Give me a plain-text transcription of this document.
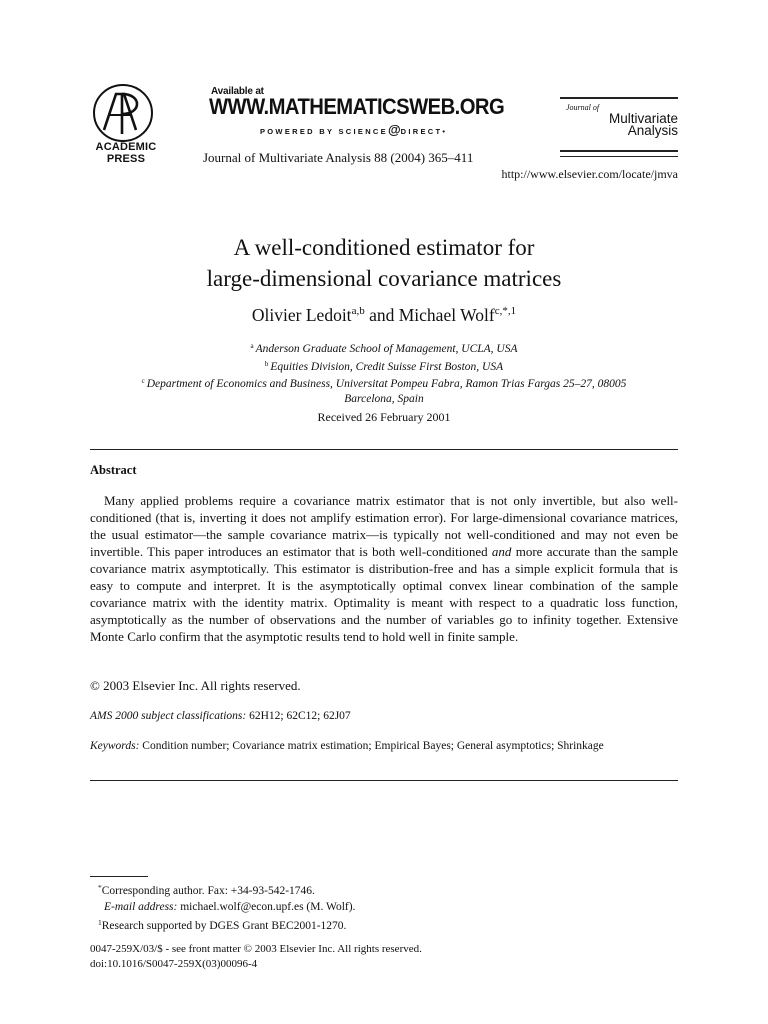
ACADEMIC
PRESS
Available at
WWW.MATHEMATICSWEB.ORG
POWERED BY SCIENCE@DIRECT•
Journal of Multivariate Analysis 88 (2004) 365–411
Journal of
Multivariate
Analysis
http://www.elsevier.com/locate/jmva
A well-conditioned estimator for
large-dimensional covariance matrices
Olivier Ledoit$^{a,b}$ and Michael Wolf$^{c,*,1}$
$^a$ Anderson Graduate School of Management, UCLA, USA
$^b$ Equities Division, Credit Suisse First Boston, USA
$^c$ Department of Economics and Business, Universitat Pompeu Fabra, Ramon Trias Fargas 25–27, 08005
Barcelona, Spain
Received 26 February 2001
Abstract

Many applied problems require a covariance matrix estimator that is not only invertible, but also well-conditioned (that is, inverting it does not amplify estimation error). For large-dimensional covariance matrices, the usual estimator—the sample covariance matrix—is typically not well-conditioned and may not even be invertible. This paper introduces an estimator that is both well-conditioned and more accurate than the sample covariance matrix asymptotically. This estimator is distribution-free and has a simple explicit formula that is easy to compute and interpret. It is the asymptotically optimal convex linear combination of the sample covariance matrix with the identity matrix. Optimality is meant with respect to a quadratic loss function, asymptotically as the number of observations and the number of variables go to infinity together. Extensive Monte Carlo confirm that the asymptotic results tend to hold well in finite sample.

© 2003 Elsevier Inc. All rights reserved.
AMS 2000 subject classifications: 62H12; 62C12; 62J07
Keywords: Condition number; Covariance matrix estimation; Empirical Bayes; General asymptotics; Shrinkage
*Corresponding author. Fax: +34-93-542-1746.
E-mail address: michael.wolf@econ.upf.es (M. Wolf).
$^1$Research supported by DGES Grant BEC2001-1270.
0047-259X/03/$ - see front matter © 2003 Elsevier Inc. All rights reserved.
doi:10.1016/S0047-259X(03)00096-4
